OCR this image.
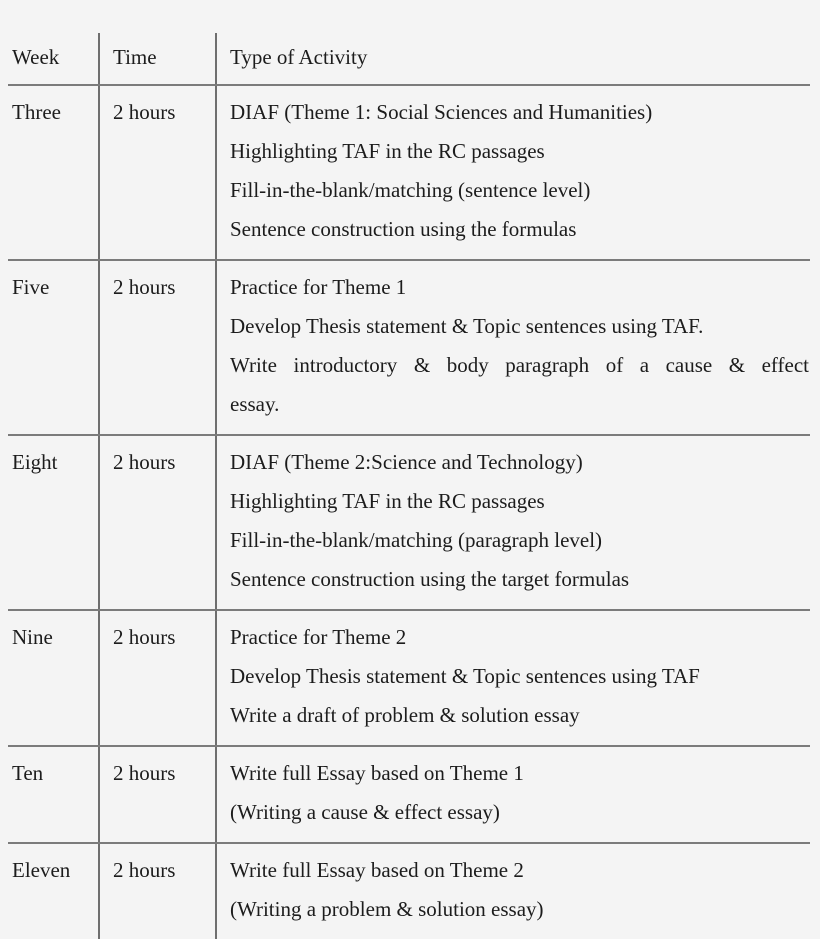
Week	Time	Type of Activity

Three	2 hours	DIAF (Theme 1: Social Sciences and Humanities)
Highlighting TAF in the RC passages
Fill-in-the-blank/matching (sentence level)
Sentence construction using the formulas

Five	2 hours	Practice for Theme 1
Develop Thesis statement & Topic sentences using TAF.
Write introductory & body paragraph of a cause & effect
essay.

Eight	2 hours	DIAF (Theme 2:Science and Technology)
Highlighting TAF in the RC passages
Fill-in-the-blank/matching (paragraph level)
Sentence construction using the target formulas

Nine	2 hours	Practice for Theme 2
Develop Thesis statement & Topic sentences using TAF
Write a draft of problem & solution essay

Ten	2 hours	Write full Essay based on Theme 1
(Writing a cause & effect essay)

Eleven	2 hours	Write full Essay based on Theme 2
(Writing a problem & solution essay)
